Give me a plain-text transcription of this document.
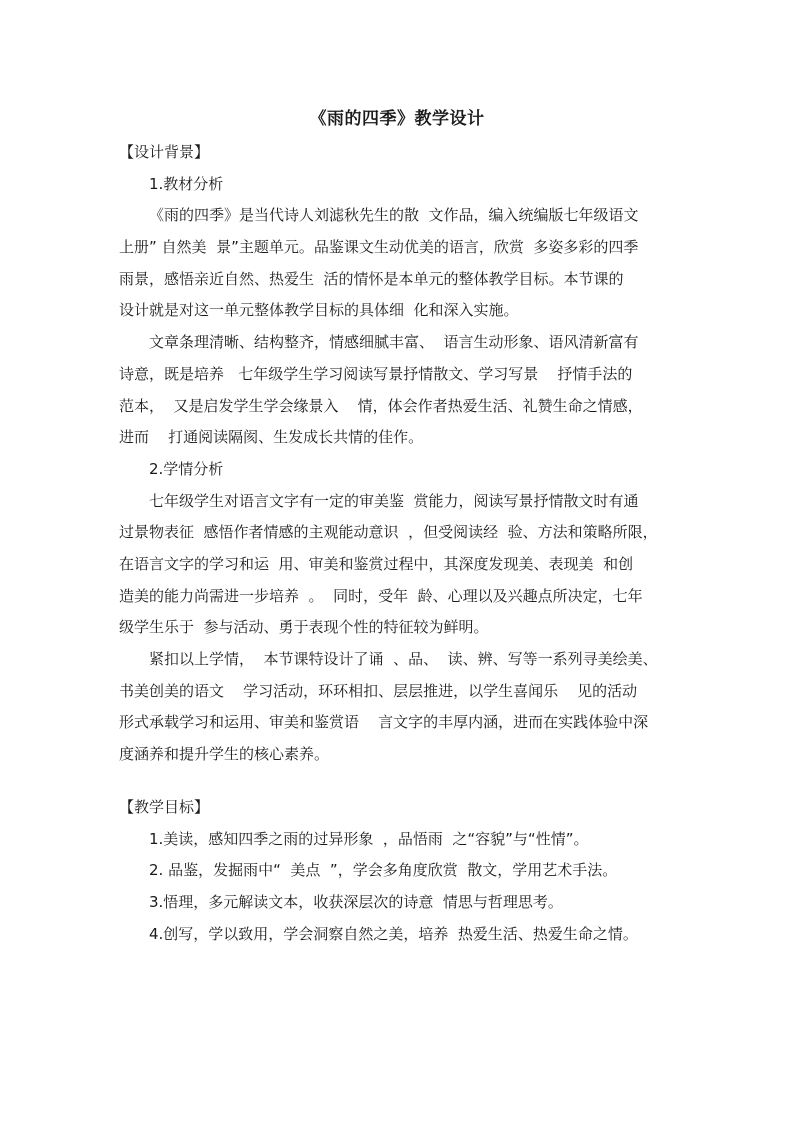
《雨的四季》教学设计
【设计背景】
1.教材分析
《雨的四季》是当代诗人刘滤秋先生的散  文作品，编入统编版七年级语文
上册” 自然美  景”主题单元。品鉴课文生动优美的语言，欣赏  多姿多彩的四季
雨景，感悟亲近自然、热爱生  活的情怀是本单元的整体教学目标。本节课的
设计就是对这一单元整体教学目标的具体细  化和深入实施。
文章条理清晰、结构整齐，情感细腻丰富、  语言生动形象、语风清新富有
诗意，既是培养   七年级学生学习阅读写景抒情散文、学习写景    抒情手法的
范本，  又是启发学生学会缘景入    情，体会作者热爱生活、礼赞生命之情感，
进而    打通阅读隔阂、生发成长共情的佳作。
2.学情分析
七年级学生对语言文字有一定的审美鉴  赏能力，阅读写景抒情散文时有通
过景物表征  感悟作者情感的主观能动意识  ，但受阅读经  验、方法和策略所限，
在语言文字的学习和运  用、审美和鉴赏过程中，其深度发现美、表现美  和创
造美的能力尚需进一步培养  。  同时，受年  龄、心理以及兴趣点所决定，七年
级学生乐于  参与活动、勇于表现个性的特征较为鲜明。
紧扣以上学情，  本节课特设计了诵  、品、  读、辨、写等一系列寻美绘美、
书美创美的语文    学习活动，环环相扣、层层推进，以学生喜闻乐    见的活动
形式承载学习和运用、审美和鉴赏语    言文字的丰厚内涵，进而在实践体验中深
度涵养和提升学生的核心素养。
【教学目标】
1.美读，感知四季之雨的过异形象  ，品悟雨  之“容貌”与“性情”。
2. 品鉴，发掘雨中“  美点  ”，学会多角度欣赏  散文，学用艺术手法。
3.悟理，多元解读文本，收获深层次的诗意  情思与哲理思考。
4.创写，学以致用，学会洞察自然之美，培养  热爱生活、热爱生命之情。
